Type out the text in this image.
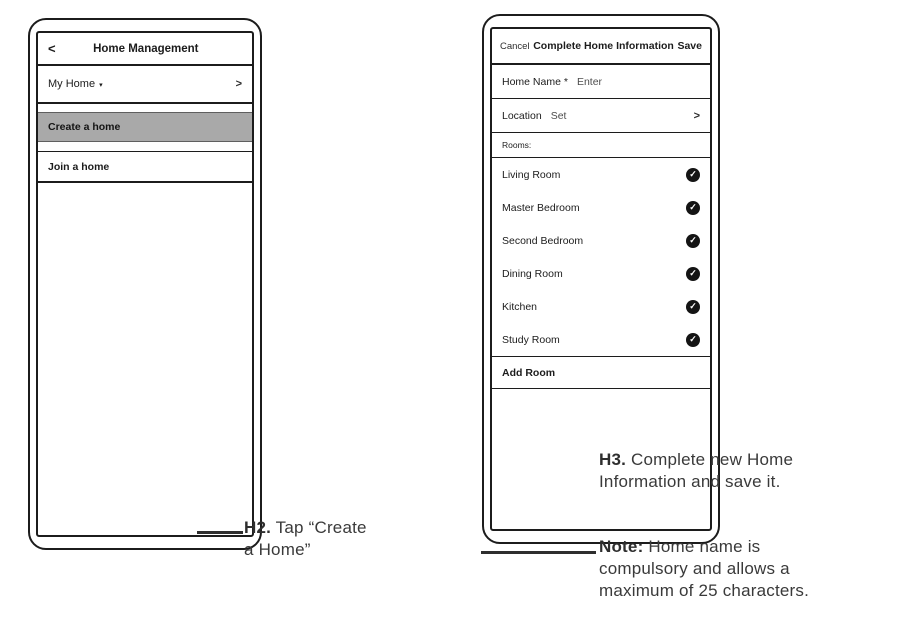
<	Home Management
My Home ▾	>
Create a home
Join a home
Cancel Complete Home Information Save
Home Name * Enter
Location Set	>
Rooms:
Living Room	✓
Master Bedroom	✓
Second Bedroom	✓
Dining Room	✓
Kitchen	✓
Study Room	✓
Add Room

H2. Tap “Create a Home”

H3. Complete new Home Information and save it.

Note: Home name is compulsory and allows a maximum of 25 characters.
